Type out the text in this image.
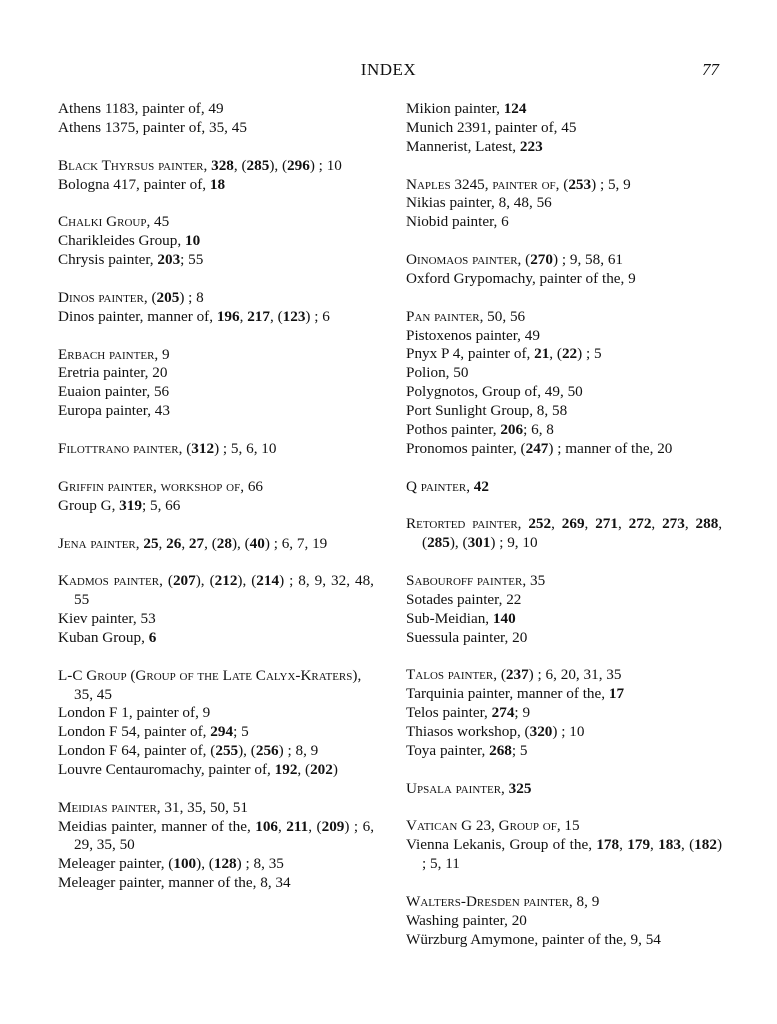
INDEX	77
Athens 1183, painter of, 49
Athens 1375, painter of, 35, 45
Black Thyrsus painter, 328, (285), (296) ; 10
Bologna 417, painter of, 18
Chalki Group, 45
Charikleides Group, 10
Chrysis painter, 203; 55
Dinos painter, (205) ; 8
Dinos painter, manner of, 196, 217, (123) ; 6
Erbach painter, 9
Eretria painter, 20
Euaion painter, 56
Europa painter, 43
Filottrano painter, (312) ; 5, 6, 10
Griffin painter, workshop of, 66
Group G, 319; 5, 66
Jena painter, 25, 26, 27, (28), (40) ; 6, 7, 19
Kadmos painter, (207), (212), (214) ; 8, 9, 32, 48, 55
Kiev painter, 53
Kuban Group, 6
L-C Group (Group of the Late Calyx-Kraters), 35, 45
London F 1, painter of, 9
London F 54, painter of, 294; 5
London F 64, painter of, (255), (256) ; 8, 9
Louvre Centauromachy, painter of, 192, (202)
Meidias painter, 31, 35, 50, 51
Meidias painter, manner of the, 106, 211, (209) ; 6, 29, 35, 50
Meleager painter, (100), (128) ; 8, 35
Meleager painter, manner of the, 8, 34
Mikion painter, 124
Munich 2391, painter of, 45
Mannerist, Latest, 223
Naples 3245, painter of, (253) ; 5, 9
Nikias painter, 8, 48, 56
Niobid painter, 6
Oinomaos painter, (270) ; 9, 58, 61
Oxford Grypomachy, painter of the, 9
Pan painter, 50, 56
Pistoxenos painter, 49
Pnyx P 4, painter of, 21, (22) ; 5
Polion, 50
Polygnotos, Group of, 49, 50
Port Sunlight Group, 8, 58
Pothos painter, 206; 6, 8
Pronomos painter, (247) ; manner of the, 20
Q painter, 42
Retorted painter, 252, 269, 271, 272, 273, 288, (285), (301) ; 9, 10
Sabouroff painter, 35
Sotades painter, 22
Sub-Meidian, 140
Suessula painter, 20
Talos painter, (237) ; 6, 20, 31, 35
Tarquinia painter, manner of the, 17
Telos painter, 274; 9
Thiasos workshop, (320) ; 10
Toya painter, 268; 5
Upsala painter, 325
Vatican G 23, Group of, 15
Vienna Lekanis, Group of the, 178, 179, 183, (182) ; 5, 11
Walters-Dresden painter, 8, 9
Washing painter, 20
Würzburg Amymone, painter of the, 9, 54
